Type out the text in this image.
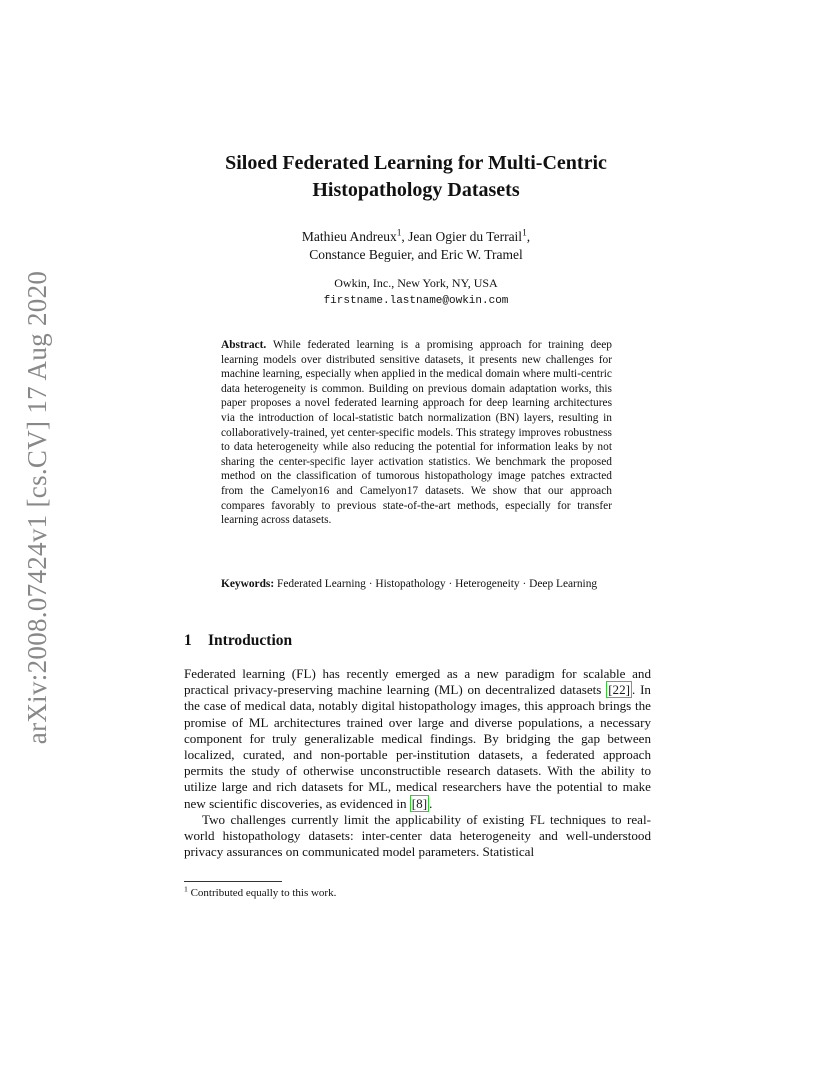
arXiv:2008.07424v1 [cs.CV] 17 Aug 2020
Siloed Federated Learning for Multi-Centric
Histopathology Datasets
Mathieu Andreux$^1$, Jean Ogier du Terrail$^1$,
Constance Beguier, and Eric W. Tramel
Owkin, Inc., New York, NY, USA
firstname.lastname@owkin.com

Abstract. While federated learning is a promising approach for training deep learning models over distributed sensitive datasets, it presents new challenges for machine learning, especially when applied in the medical domain where multi-centric data heterogeneity is common. Building on previous domain adaptation works, this paper proposes a novel federated learning approach for deep learning architectures via the introduction of local-statistic batch normalization (BN) layers, resulting in collaboratively-trained, yet center-specific models. This strategy improves robustness to data heterogeneity while also reducing the potential for information leaks by not sharing the center-specific layer activation statistics. We benchmark the proposed method on the classification of tumorous histopathology image patches extracted from the Camelyon16 and Camelyon17 datasets. We show that our approach compares favorably to previous state-of-the-art methods, especially for transfer learning across datasets.

Keywords: Federated Learning · Histopathology · Heterogeneity · Deep Learning

1 Introduction

Federated learning (FL) has recently emerged as a new paradigm for scalable and practical privacy-preserving machine learning (ML) on decentralized datasets [22] . In the case of medical data, notably digital histopathology images, this approach brings the promise of ML architectures trained over large and diverse populations, a necessary component for truly generalizable medical findings. By bridging the gap between localized, curated, and non-portable per-institution datasets, a federated approach permits the study of otherwise unconstructible research datasets. With the ability to utilize large and rich datasets for ML, medical researchers have the potential to make new scientific discoveries, as evidenced in [8] .

Two challenges currently limit the applicability of existing FL techniques to real-world histopathology datasets: inter-center data heterogeneity and well-understood privacy assurances on communicated model parameters. Statistical

$^1$ Contributed equally to this work.
